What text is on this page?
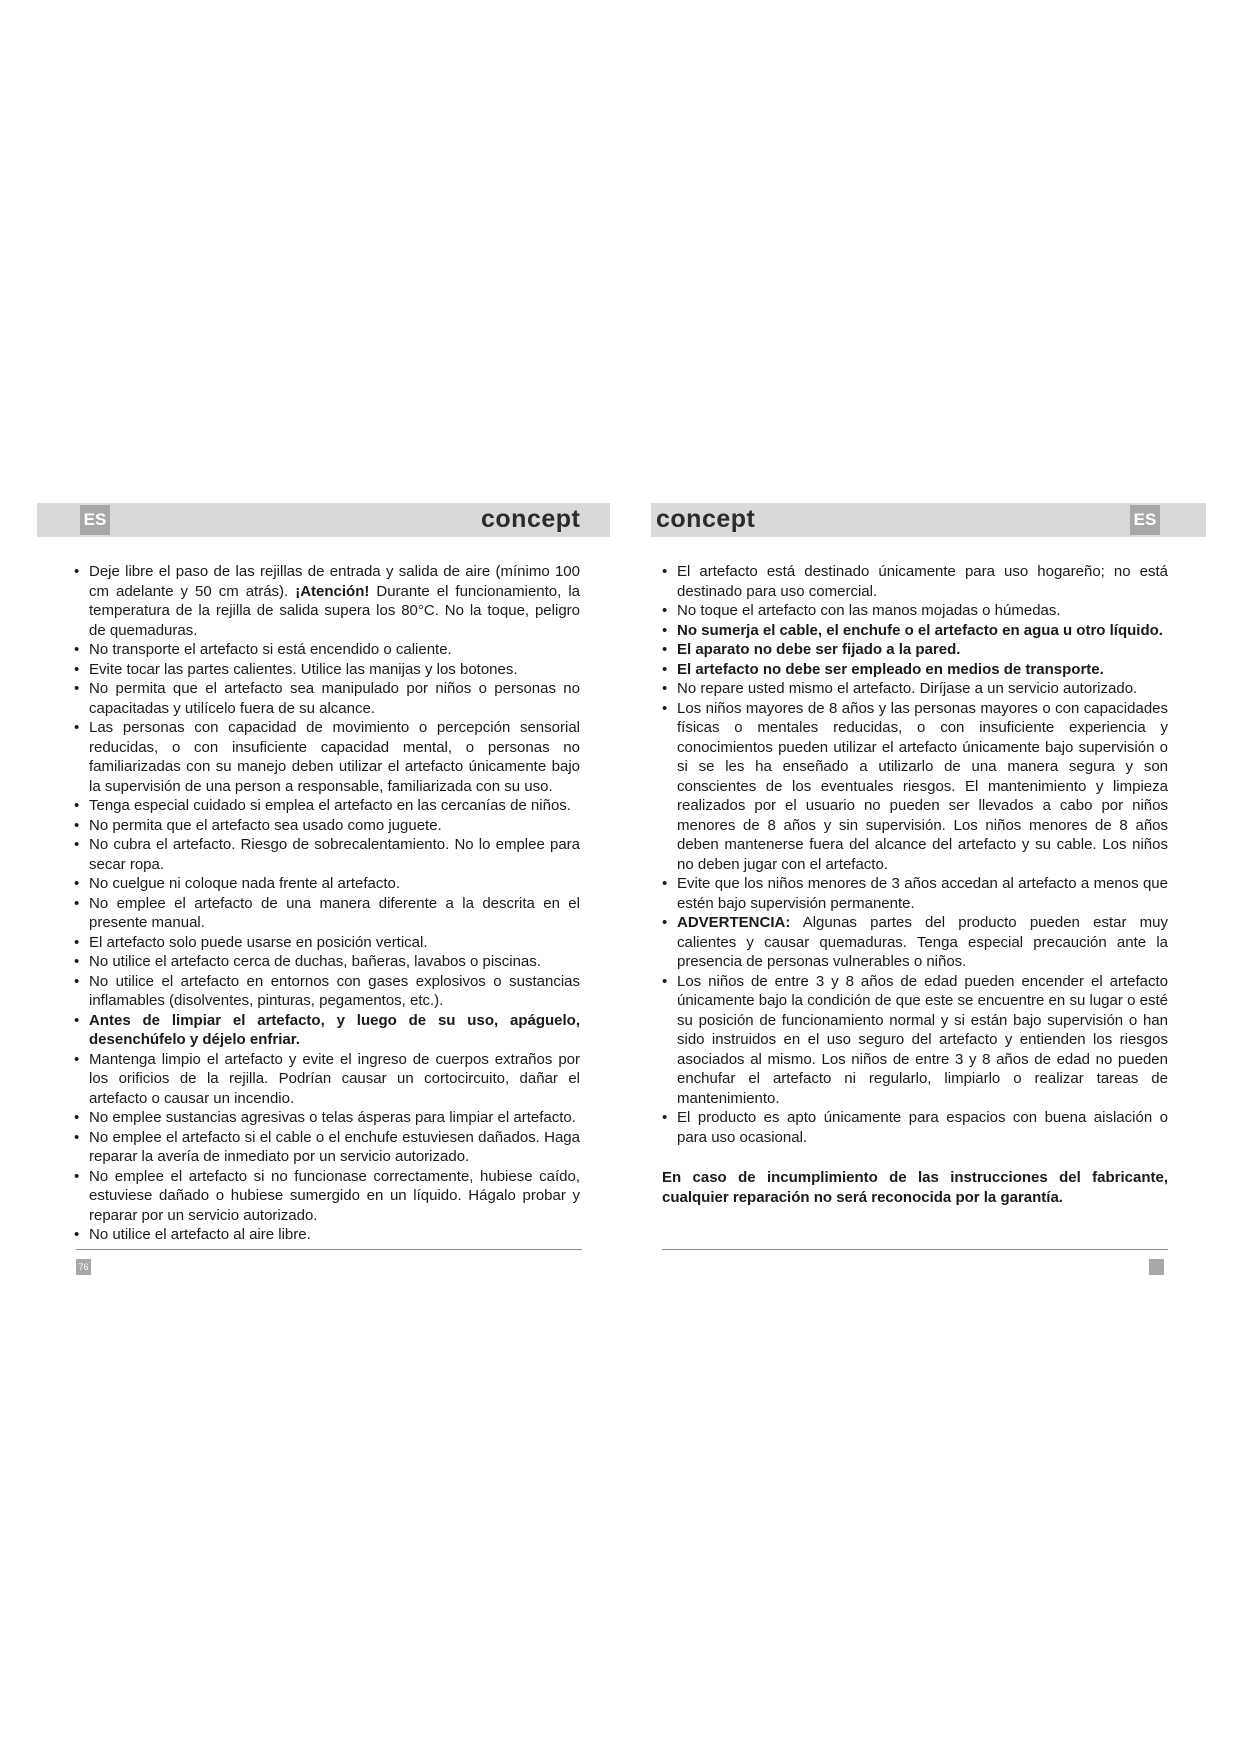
ES	concept	concept	ES
• Deje libre el paso de las rejillas de entrada y salida de aire (mínimo 100 cm adelante y 50 cm atrás). ¡Atención! Durante el funcionamiento, la temperatura de la rejilla de salida supera los 80°C. No la toque, peligro de quemaduras.
• No transporte el artefacto si está encendido o caliente.
• Evite tocar las partes calientes. Utilice las manijas y los botones.
• No permita que el artefacto sea manipulado por niños o personas no capacitadas y utilícelo fuera de su alcance.
• Las personas con capacidad de movimiento o percepción sensorial reducidas, o con insuficiente capacidad mental, o personas no familiarizadas con su manejo deben utilizar el artefacto únicamente bajo la supervisión de una person a responsable, familiarizada con su uso.
• Tenga especial cuidado si emplea el artefacto en las cercanías de niños.
• No permita que el artefacto sea usado como juguete.
• No cubra el artefacto. Riesgo de sobrecalentamiento. No lo emplee para secar ropa.
• No cuelgue ni coloque nada frente al artefacto.
• No emplee el artefacto de una manera diferente a la descrita en el presente manual.
• El artefacto solo puede usarse en posición vertical.
• No utilice el artefacto cerca de duchas, bañeras, lavabos o piscinas.
• No utilice el artefacto en entornos con gases explosivos o sustancias inflamables (disolventes, pinturas, pegamentos, etc.).
• Antes de limpiar el artefacto, y luego de su uso, apáguelo, desenchúfelo y déjelo enfriar.
• Mantenga limpio el artefacto y evite el ingreso de cuerpos extraños por los orificios de la rejilla. Podrían causar un cortocircuito, dañar el artefacto o causar un incendio.
• No emplee sustancias agresivas o telas ásperas para limpiar el artefacto.
• No emplee el artefacto si el cable o el enchufe estuviesen dañados. Haga reparar la avería de inmediato por un servicio autorizado.
• No emplee el artefacto si no funcionase correctamente, hubiese caído, estuviese dañado o hubiese sumergido en un líquido. Hágalo probar y reparar por un servicio autorizado.
• No utilice el artefacto al aire libre.
• El artefacto está destinado únicamente para uso hogareño; no está destinado para uso comercial.
• No toque el artefacto con las manos mojadas o húmedas.
• No sumerja el cable, el enchufe o el artefacto en agua u otro líquido.
• El aparato no debe ser fijado a la pared.
• El artefacto no debe ser empleado en medios de transporte.
• No repare usted mismo el artefacto. Diríjase a un servicio autorizado.
• Los niños mayores de 8 años y las personas mayores o con capacidades físicas o mentales reducidas, o con insuficiente experiencia y conocimientos pueden utilizar el artefacto únicamente bajo supervisión o si se les ha enseñado a utilizarlo de una manera segura y son conscientes de los eventuales riesgos. El mantenimiento y limpieza realizados por el usuario no pueden ser llevados a cabo por niños menores de 8 años y sin supervisión. Los niños menores de 8 años deben mantenerse fuera del alcance del artefacto y su cable. Los niños no deben jugar con el artefacto.
• Evite que los niños menores de 3 años accedan al artefacto a menos que estén bajo supervisión permanente.
• ADVERTENCIA: Algunas partes del producto pueden estar muy calientes y causar quemaduras. Tenga especial precaución ante la presencia de personas vulnerables o niños.
• Los niños de entre 3 y 8 años de edad pueden encender el artefacto únicamente bajo la condición de que este se encuentre en su lugar o esté su posición de funcionamiento normal y si están bajo supervisión o han sido instruidos en el uso seguro del artefacto y entienden los riesgos asociados al mismo. Los niños de entre 3 y 8 años de edad no pueden enchufar el artefacto ni regularlo, limpiarlo o realizar tareas de mantenimiento.
• El producto es apto únicamente para espacios con buena aislación o para uso ocasional.

En caso de incumplimiento de las instrucciones del fabricante, cualquier reparación no será reconocida por la garantía.

76
